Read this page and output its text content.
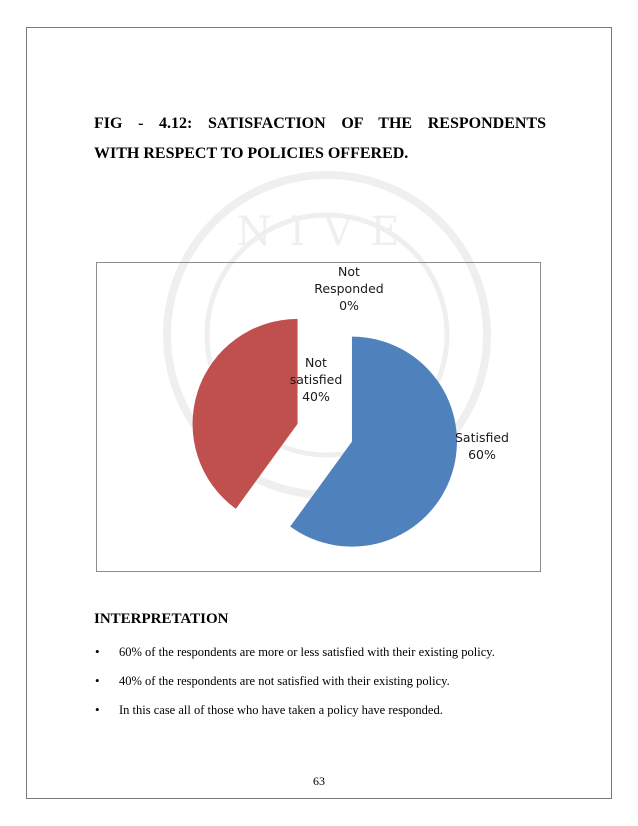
NIVE

FIG - 4.12: SATISFACTION OF THE RESPONDENTS
WITH RESPECT TO POLICIES OFFERED.

Satisfied 60%
Not satisfied 40%
Not Responded 0%
INTERPRETATION
• 60% of the respondents are more or less satisfied with their existing policy.
• 40% of the respondents are not satisfied with their existing policy.
• In this case all of those who have taken a policy have responded.
63
